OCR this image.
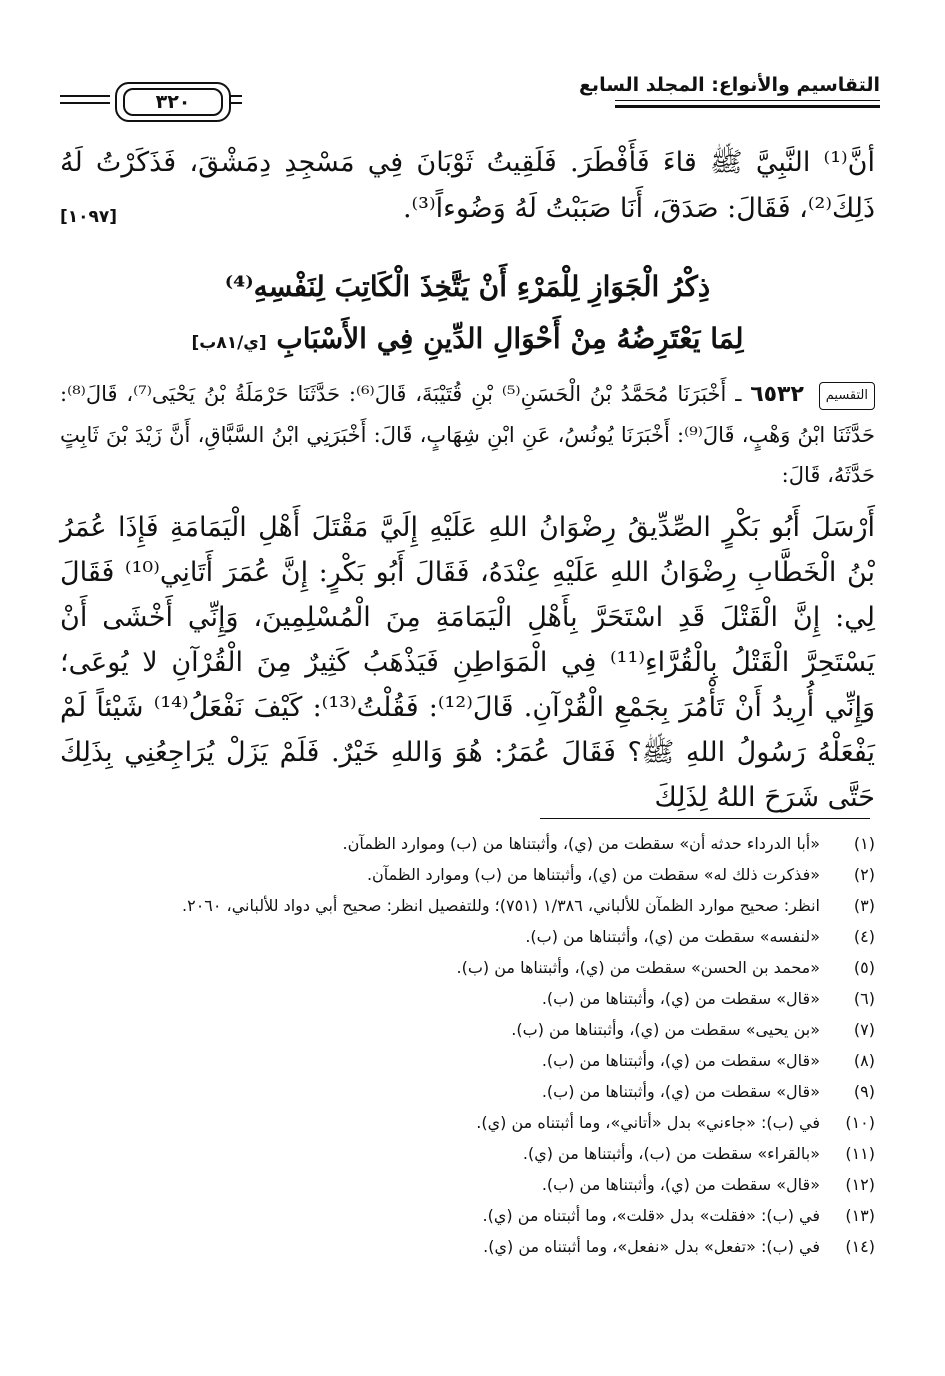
التقاسيم والأنواع: المجلد السابع
٣٢٠
أنَّ⁽¹⁾ النَّبِيَّ ﷺ قاءَ فَأَفْطَرَ. فَلَقِيتُ ثَوْبَانَ فِي مَسْجِدِ دِمَشْقَ، فَذَكَرْتُ لَهُ ذَلِكَ⁽²⁾، فَقَالَ: صَدَقَ، أَنَا صَبَبْتُ لَهُ وَضُوءاً⁽³⁾.
[١٠٩٧]
ذِكْرُ الْجَوَازِ لِلْمَرْءِ أَنْ يَتَّخِذَ الْكَاتِبَ لِنَفْسِهِ⁽⁴⁾
لِمَا يَعْتَرِضُهُ مِنْ أَحْوَالِ الدِّينِ فِي الأَسْبَابِ [ي/٨١ب]
التقسيم ٦٥٣٢ ـ أَخْبَرَنَا مُحَمَّدُ بْنُ الْحَسَنِ⁽⁵⁾ بْنِ قُتَيْبَةَ، قَالَ⁽⁶⁾: حَدَّثَنَا حَرْمَلَةُ بْنُ يَحْيَى⁽⁷⁾، قَالَ⁽⁸⁾: حَدَّثَنَا ابْنُ وَهْبٍ، قَالَ⁽⁹⁾: أَخْبَرَنَا يُونُسُ، عَنِ ابْنِ شِهَابٍ، قَالَ: أَخْبَرَنِي ابْنُ السَّبَّاقِ، أَنَّ زَيْدَ بْنَ ثَابِتٍ حَدَّثَهُ، قَالَ:
أَرْسَلَ أَبُو بَكْرٍ الصِّدِّيقُ رِضْوَانُ اللهِ عَلَيْهِ إِلَيَّ مَقْتَلَ أَهْلِ الْيَمَامَةِ فَإِذَا عُمَرُ بْنُ الْخَطَّابِ رِضْوَانُ اللهِ عَلَيْهِ عِنْدَهُ، فَقَالَ أَبُو بَكْرٍ: إِنَّ عُمَرَ أَتَانِي⁽¹⁰⁾ فَقَالَ لِي: إِنَّ الْقَتْلَ قَدِ اسْتَحَرَّ بِأَهْلِ الْيَمَامَةِ مِنَ الْمُسْلِمِينَ، وَإِنِّي أَخْشَى أَنْ يَسْتَحِرَّ الْقَتْلُ بِالْقُرَّاءِ⁽¹¹⁾ فِي الْمَوَاطِنِ فَيَذْهَبُ كَثِيرٌ مِنَ الْقُرْآنِ لا يُوعَى؛ وَإِنِّي أُرِيدُ أَنْ تَأْمُرَ بِجَمْعِ الْقُرْآنِ. قَالَ⁽¹²⁾: فَقُلْتُ⁽¹³⁾: كَيْفَ نَفْعَلُ⁽¹⁴⁾ شَيْئاً لَمْ يَفْعَلْهُ رَسُولُ اللهِ ﷺ؟ فَقَالَ عُمَرُ: هُوَ وَاللهِ خَيْرٌ. فَلَمْ يَزَلْ يُرَاجِعُنِي بِذَلِكَ حَتَّى شَرَحَ اللهُ لِذَلِكَ
(١)
«أبا الدرداء حدثه أن» سقطت من (ي)، وأثبتناها من (ب) وموارد الظمآن.
(٢)
«فذكرت ذلك له» سقطت من (ي)، وأثبتناها من (ب) وموارد الظمآن.
(٣)
انظر: صحيح موارد الظمآن للألباني، ١/٣٨٦ (٧٥١)؛ وللتفصيل انظر: صحيح أبي دواد للألباني، ٢٠٦٠.
(٤)
«لنفسه» سقطت من (ي)، وأثبتناها من (ب).
(٥)
«محمد بن الحسن» سقطت من (ي)، وأثبتناها من (ب).
(٦)
«قال» سقطت من (ي)، وأثبتناها من (ب).
(٧)
«بن يحيى» سقطت من (ي)، وأثبتناها من (ب).
(٨)
«قال» سقطت من (ي)، وأثبتناها من (ب).
(٩)
«قال» سقطت من (ي)، وأثبتناها من (ب).
(١٠)
في (ب): «جاءني» بدل «أتاني»، وما أثبتناه من (ي).
(١١)
«بالقراء» سقطت من (ب)، وأثبتناها من (ي).
(١٢)
«قال» سقطت من (ي)، وأثبتناها من (ب).
(١٣)
في (ب): «فقلت» بدل «قلت»، وما أثبتناه من (ي).
(١٤)
في (ب): «تفعل» بدل «نفعل»، وما أثبتناه من (ي).
